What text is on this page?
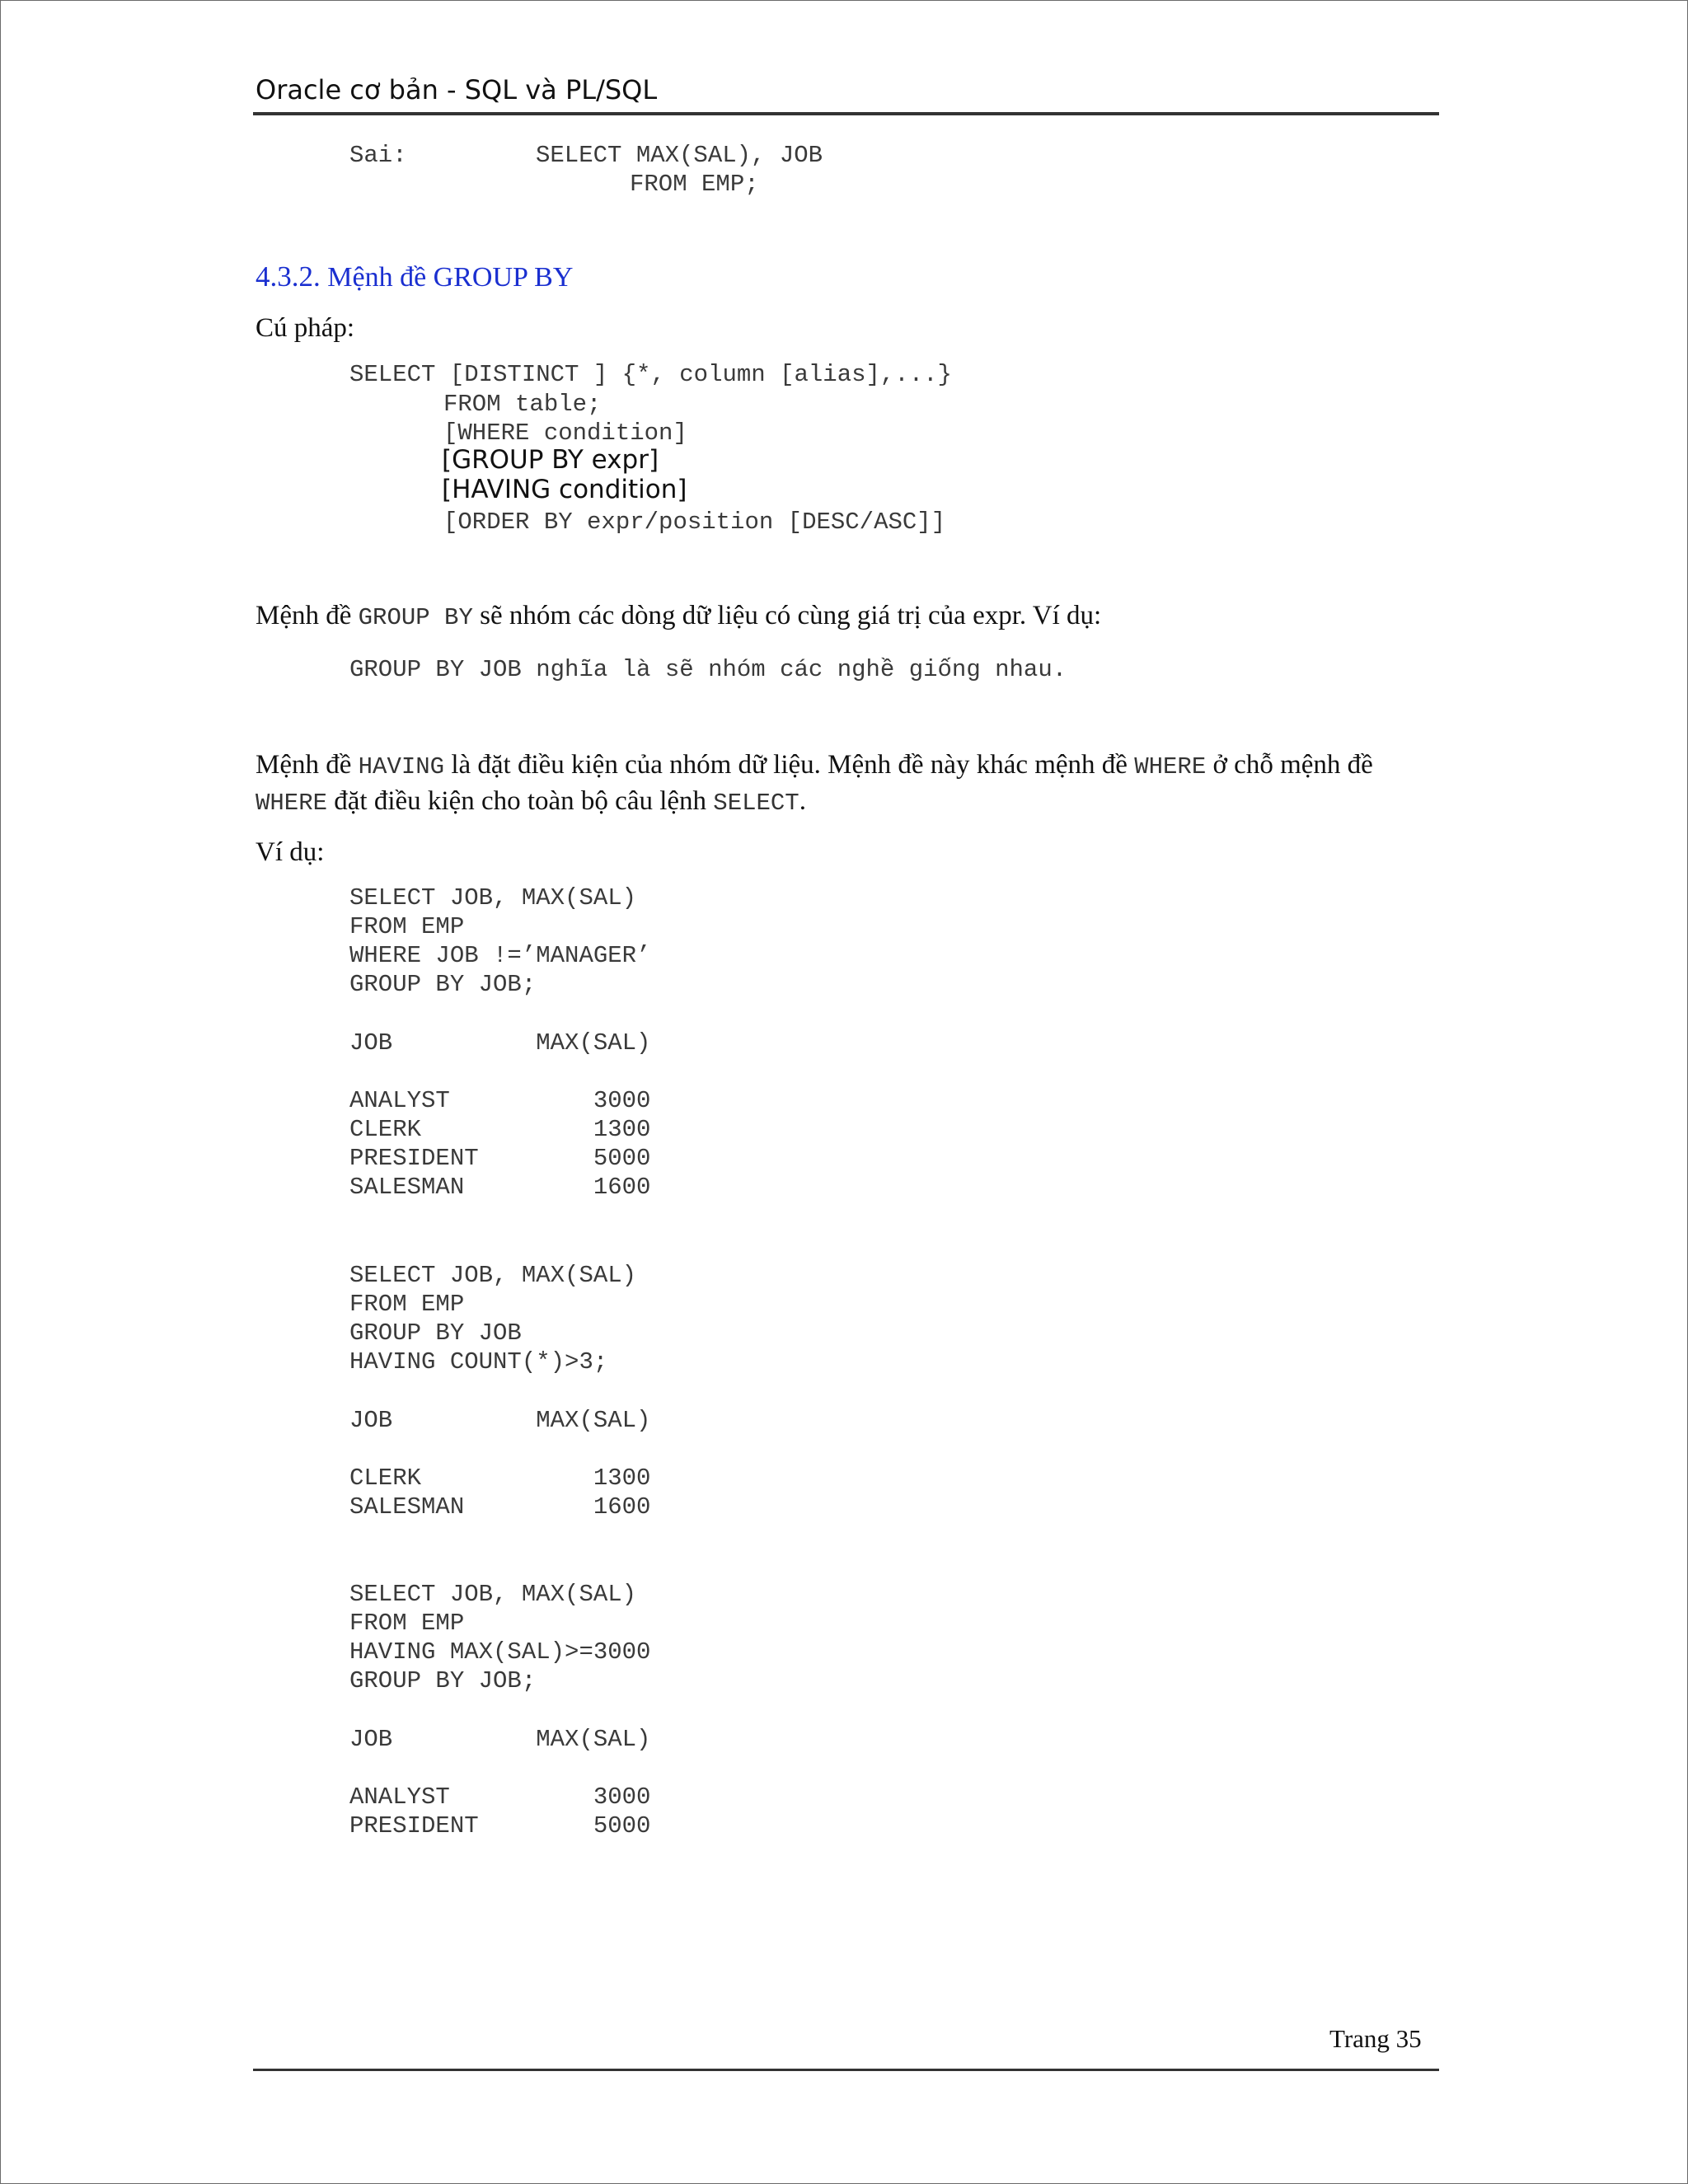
Oracle cơ bản - SQL và PL/SQL
Sai:	SELECT MAX(SAL), JOB
FROM EMP;
4.3.2. Mệnh đề GROUP BY
Cú pháp:
SELECT [DISTINCT ] {*, column [alias],...}
FROM table;
[WHERE condition]
[GROUP BY expr]
[HAVING condition]
[ORDER BY expr/position [DESC/ASC]]
Mệnh đề GROUP BY sẽ nhóm các dòng dữ liệu có cùng giá trị của expr. Ví dụ:
GROUP BY JOB nghĩa là sẽ nhóm các nghề giống nhau.
Mệnh đề HAVING là đặt điều kiện của nhóm dữ liệu. Mệnh đề này khác mệnh đề WHERE ở chỗ mệnh đề
WHERE đặt điều kiện cho toàn bộ câu lệnh SELECT.
Ví dụ:
SELECT JOB, MAX(SAL)
FROM EMP
WHERE JOB !=’MANAGER’
GROUP BY JOB;
JOB          MAX(SAL)

ANALYST          3000
CLERK            1300
PRESIDENT        5000
SALESMAN         1600
SELECT JOB, MAX(SAL)
FROM EMP
GROUP BY JOB
HAVING COUNT(*)>3;
JOB          MAX(SAL)

CLERK            1300
SALESMAN         1600
SELECT JOB, MAX(SAL)
FROM EMP
HAVING MAX(SAL)>=3000
GROUP BY JOB;
JOB          MAX(SAL)

ANALYST          3000
PRESIDENT        5000
Trang 35
